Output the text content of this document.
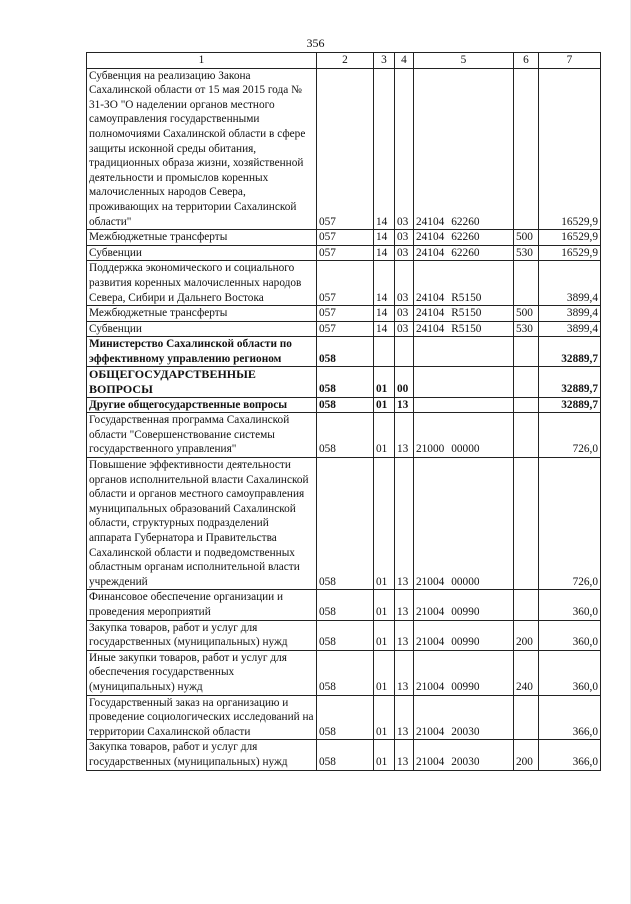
356
1	2	3	4	5	6	7
Субвенция на реализацию Закона Сахалинской области от 15 мая 2015 года № 31-ЗО "О наделении органов местного самоуправления государственными полномочиями Сахалинской области в сфере защиты исконной среды обитания, традиционных образа жизни, хозяйственной деятельности и промыслов коренных малочисленных народов Севера, проживающих на территории Сахалинской области"	057	14	03	24104 62260		16529,9
Межбюджетные трансферты	057	14	03	24104 62260	500	16529,9
Субвенции	057	14	03	24104 62260	530	16529,9
Поддержка экономического и социального развития коренных малочисленных народов Севера, Сибири и Дальнего Востока	057	14	03	24104 R5150		3899,4
Межбюджетные трансферты	057	14	03	24104 R5150	500	3899,4
Субвенции	057	14	03	24104 R5150	530	3899,4
Министерство Сахалинской области по эффективному управлению регионом	058					32889,7
ОБЩЕГОСУДАРСТВЕННЫЕ ВОПРОСЫ	058	01	00			32889,7
Другие общегосударственные вопросы	058	01	13			32889,7
Государственная программа Сахалинской области "Совершенствование системы государственного управления"	058	01	13	21000 00000		726,0
Повышение эффективности деятельности органов исполнительной власти Сахалинской области и органов местного самоуправления муниципальных образований Сахалинской области, структурных подразделений аппарата Губернатора и Правительства Сахалинской области и подведомственных областным органам исполнительной власти учреждений	058	01	13	21004 00000		726,0
Финансовое обеспечение организации и проведения мероприятий	058	01	13	21004 00990		360,0
Закупка товаров, работ и услуг для государственных (муниципальных) нужд	058	01	13	21004 00990	200	360,0
Иные закупки товаров, работ и услуг для обеспечения государственных (муниципальных) нужд	058	01	13	21004 00990	240	360,0
Государственный заказ на организацию и проведение социологических исследований на территории Сахалинской области	058	01	13	21004 20030		366,0
Закупка товаров, работ и услуг для государственных (муниципальных) нужд	058	01	13	21004 20030	200	366,0
